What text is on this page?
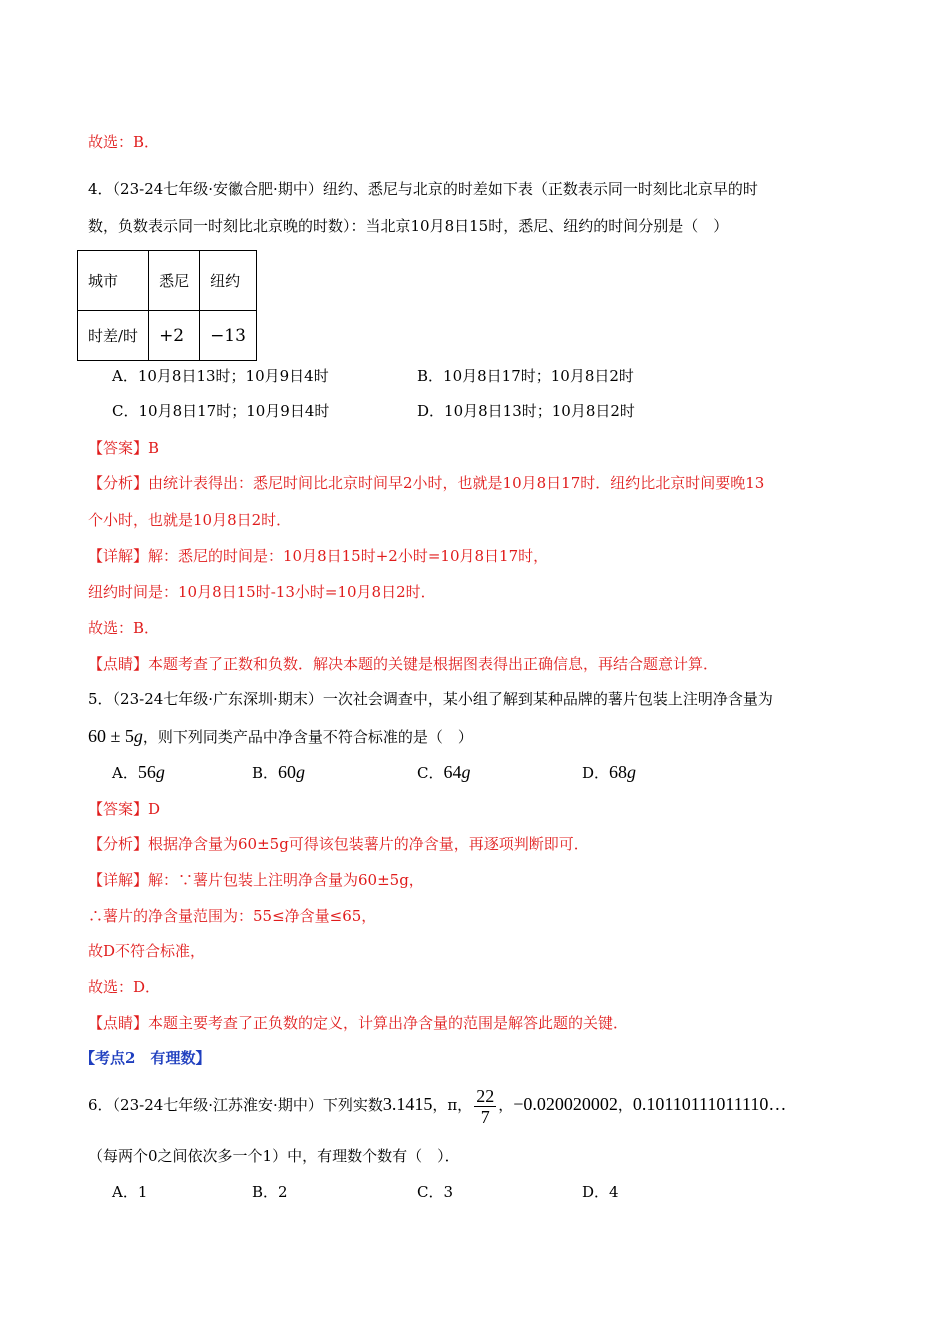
故选：B．
4．（23-24七年级·安徽合肥·期中）纽约、悉尼与北京的时差如下表（正数表示同一时刻比北京早的时
数，负数表示同一时刻比北京晚的时数）：当北京10月8日15时，悉尼、纽约的时间分别是（　）
城市	悉尼	纽约
时差/时	+2	−13
A．10月8日13时；10月9日4时	B．10月8日17时；10月8日2时
C．10月8日17时；10月9日4时	D．10月8日13时；10月8日2时
【答案】B
【分析】由统计表得出：悉尼时间比北京时间早2小时，也就是10月8日17时．纽约比北京时间要晚13
个小时，也就是10月8日2时．
【详解】解：悉尼的时间是：10月8日15时+2小时=10月8日17时，
纽约时间是：10月8日15时-13小时=10月8日2时．
故选：B．
【点睛】本题考查了正数和负数．解决本题的关键是根据图表得出正确信息，再结合题意计算．
5．（23-24七年级·广东深圳·期末）一次社会调查中，某小组了解到某种品牌的薯片包装上注明净含量为
60 ± 5g，则下列同类产品中净含量不符合标准的是（　）
A．56g	B．60g	C．64g	D．68g
【答案】D
【分析】根据净含量为60±5g可得该包装薯片的净含量，再逐项判断即可．
【详解】解：∵薯片包装上注明净含量为60±5g，
∴薯片的净含量范围为：55≤净含量≤65，
故D不符合标准，
故选：D．
【点睛】本题主要考查了正负数的定义，计算出净含量的范围是解答此题的关键．
【考点2　有理数】
6．（23-24七年级·江苏淮安·期中）下列实数3.1415，π， $\frac{22}{7}$ ，−0.020020002，0.10110111011110…
（每两个0之间依次多一个1）中，有理数个数有（　）．
A．1	B．2	C．3	D．4
